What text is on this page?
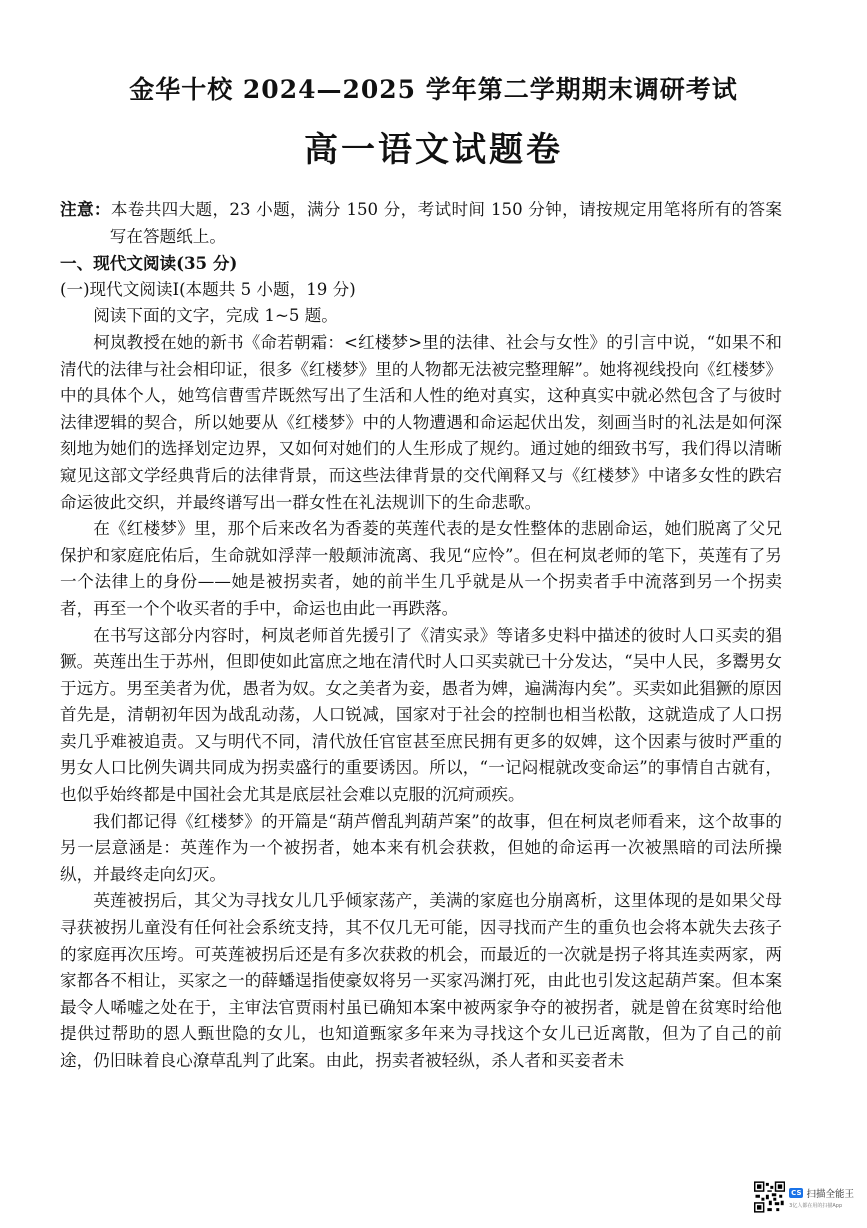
金华十校 2024—2025 学年第二学期期末调研考试
高一语文试题卷

注意：本卷共四大题，23 小题，满分 150 分，考试时间 150 分钟，请按规定用笔将所有的答案写在答题纸上。

一、现代文阅读(35 分)

(一)现代文阅读Ⅰ(本题共 5 小题，19 分)

阅读下面的文字，完成 1~5 题。

柯岚教授在她的新书《命若朝霜：<红楼梦>里的法律、社会与女性》的引言中说，“如果不和清代的法律与社会相印证，很多《红楼梦》里的人物都无法被完整理解”。她将视线投向《红楼梦》中的具体个人，她笃信曹雪芹既然写出了生活和人性的绝对真实，这种真实中就必然包含了与彼时法律逻辑的契合，所以她要从《红楼梦》中的人物遭遇和命运起伏出发，刻画当时的礼法是如何深刻地为她们的选择划定边界，又如何对她们的人生形成了规约。通过她的细致书写，我们得以清晰窥见这部文学经典背后的法律背景，而这些法律背景的交代阐释又与《红楼梦》中诸多女性的跌宕命运彼此交织，并最终谱写出一群女性在礼法规训下的生命悲歌。

在《红楼梦》里，那个后来改名为香菱的英莲代表的是女性整体的悲剧命运，她们脱离了父兄保护和家庭庇佑后，生命就如浮萍一般颠沛流离、我见“应怜”。但在柯岚老师的笔下，英莲有了另一个法律上的身份——她是被拐卖者，她的前半生几乎就是从一个拐卖者手中流落到另一个拐卖者，再至一个个收买者的手中，命运也由此一再跌落。

在书写这部分内容时，柯岚老师首先援引了《清实录》等诸多史料中描述的彼时人口买卖的猖獗。英莲出生于苏州，但即使如此富庶之地在清代时人口买卖就已十分发达，“吴中人民，多鬻男女于远方。男至美者为优，愚者为奴。女之美者为妾，愚者为婢，遍满海内矣”。买卖如此猖獗的原因首先是，清朝初年因为战乱动荡，人口锐减，国家对于社会的控制也相当松散，这就造成了人口拐卖几乎难被追责。又与明代不同，清代放任官宦甚至庶民拥有更多的奴婢，这个因素与彼时严重的男女人口比例失调共同成为拐卖盛行的重要诱因。所以，“一记闷棍就改变命运”的事情自古就有，也似乎始终都是中国社会尤其是底层社会难以克服的沉疴顽疾。

我们都记得《红楼梦》的开篇是“葫芦僧乱判葫芦案”的故事，但在柯岚老师看来，这个故事的另一层意涵是：英莲作为一个被拐者，她本来有机会获救，但她的命运再一次被黑暗的司法所操纵，并最终走向幻灭。

英莲被拐后，其父为寻找女儿几乎倾家荡产，美满的家庭也分崩离析，这里体现的是如果父母寻获被拐儿童没有任何社会系统支持，其不仅几无可能，因寻找而产生的重负也会将本就失去孩子的家庭再次压垮。可英莲被拐后还是有多次获救的机会，而最近的一次就是拐子将其连卖两家，两家都各不相让，买家之一的薛蟠逞指使豪奴将另一买家冯渊打死，由此也引发这起葫芦案。但本案最令人唏嘘之处在于，主审法官贾雨村虽已确知本案中被两家争夺的被拐者，就是曾在贫寒时给他提供过帮助的恩人甄世隐的女儿，也知道甄家多年来为寻找这个女儿已近离散，但为了自己的前途，仍旧昧着良心潦草乱判了此案。由此，拐卖者被轻纵，杀人者和买妾者未

CS 扫描全能王
3亿人都在用的扫描App
